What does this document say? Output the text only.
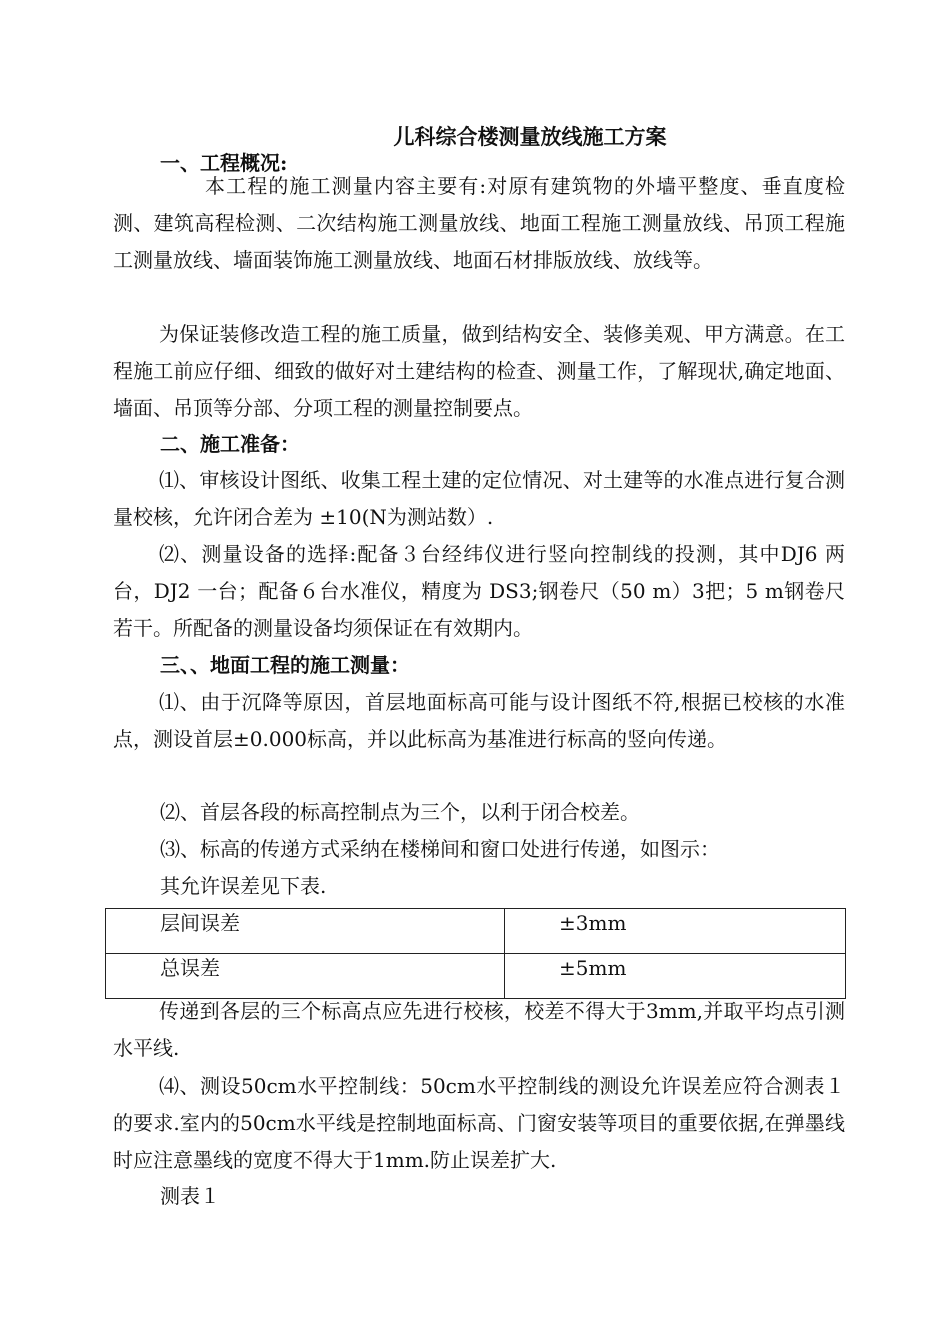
儿科综合楼测量放线施工方案
一、工程概况:
本工程的施工测量内容主要有:对原有建筑物的外墙平整度、垂直度检测、建筑高程检测、二次结构施工测量放线、地面工程施工测量放线、吊顶工程施工测量放线、墙面装饰施工测量放线、地面石材排版放线、放线等。
为保证装修改造工程的施工质量，做到结构安全、装修美观、甲方满意。在工程施工前应仔细、细致的做好对土建结构的检查、测量工作，了解现状,确定地面、墙面、吊顶等分部、分项工程的测量控制要点。
二、施工准备：
⑴、审核设计图纸、收集工程土建的定位情况、对土建等的水准点进行复合测量校核，允许闭合差为 ±10(N为测站数）.
⑵、测量设备的选择:配备３台经纬仪进行竖向控制线的投测，其中DJ6 两台，DJ2 一台；配备６台水准仪，精度为 DS3;钢卷尺（50 m）3把；5 m钢卷尺若干。所配备的测量设备均须保证在有效期内。
三、、地面工程的施工测量：
⑴、由于沉降等原因，首层地面标高可能与设计图纸不符,根据已校核的水准点，测设首层±0.000标高，并以此标高为基准进行标高的竖向传递。
⑵、首层各段的标高控制点为三个，以利于闭合校差。
⑶、标高的传递方式采纳在楼梯间和窗口处进行传递，如图示：
其允许误差见下表.
层间误差	±3mm
总误差	±5mm
传递到各层的三个标高点应先进行校核，校差不得大于3mm,并取平均点引测水平线.
⑷、测设50cm水平控制线：50cm水平控制线的测设允许误差应符合测表１的要求.室内的50cm水平线是控制地面标高、门窗安装等项目的重要依据,在弹墨线时应注意墨线的宽度不得大于1mm.防止误差扩大.
测表１
